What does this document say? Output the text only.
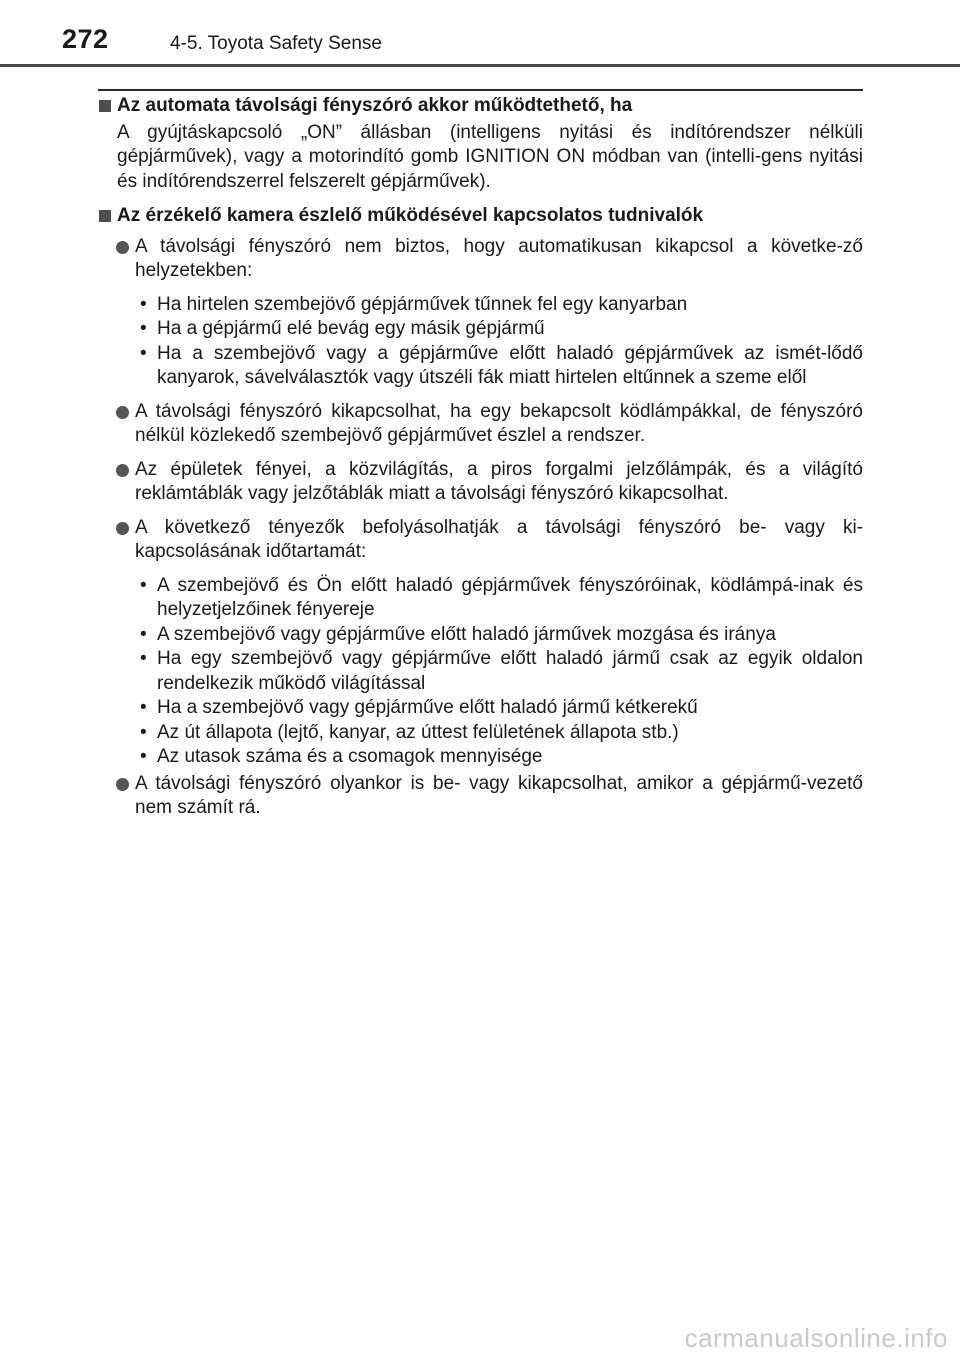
272	4-5. Toyota Safety Sense
Az automata távolsági fényszóró akkor működtethető, ha
A gyújtáskapcsoló „ON” állásban (intelligens nyitási és indítórendszer nélküli gépjárművek), vagy a motorindító gomb IGNITION ON módban van (intelli-gens nyitási és indítórendszerrel felszerelt gépjárművek).
Az érzékelő kamera észlelő működésével kapcsolatos tudnivalók
A távolsági fényszóró nem biztos, hogy automatikusan kikapcsol a követke-ző helyzetekben:
• Ha hirtelen szembejövő gépjárművek tűnnek fel egy kanyarban
• Ha a gépjármű elé bevág egy másik gépjármű
• Ha a szembejövő vagy a gépjárműve előtt haladó gépjárművek az ismét-lődő kanyarok, sávelválasztók vagy útszéli fák miatt hirtelen eltűnnek a szeme elől
A távolsági fényszóró kikapcsolhat, ha egy bekapcsolt ködlámpákkal, de fényszóró nélkül közlekedő szembejövő gépjárművet észlel a rendszer.
Az épületek fényei, a közvilágítás, a piros forgalmi jelzőlámpák, és a világító reklámtáblák vagy jelzőtáblák miatt a távolsági fényszóró kikapcsolhat.
A következő tényezők befolyásolhatják a távolsági fényszóró be- vagy ki-kapcsolásának időtartamát:
• A szembejövő és Ön előtt haladó gépjárművek fényszóróinak, ködlámpá-inak és helyzetjelzőinek fényereje
• A szembejövő vagy gépjárműve előtt haladó járművek mozgása és iránya
• Ha egy szembejövő vagy gépjárműve előtt haladó jármű csak az egyik oldalon rendelkezik működő világítással
• Ha a szembejövő vagy gépjárműve előtt haladó jármű kétkerekű
• Az út állapota (lejtő, kanyar, az úttest felületének állapota stb.)
• Az utasok száma és a csomagok mennyisége
A távolsági fényszóró olyankor is be- vagy kikapcsolhat, amikor a gépjármű-vezető nem számít rá.
carmanualsonline.info
